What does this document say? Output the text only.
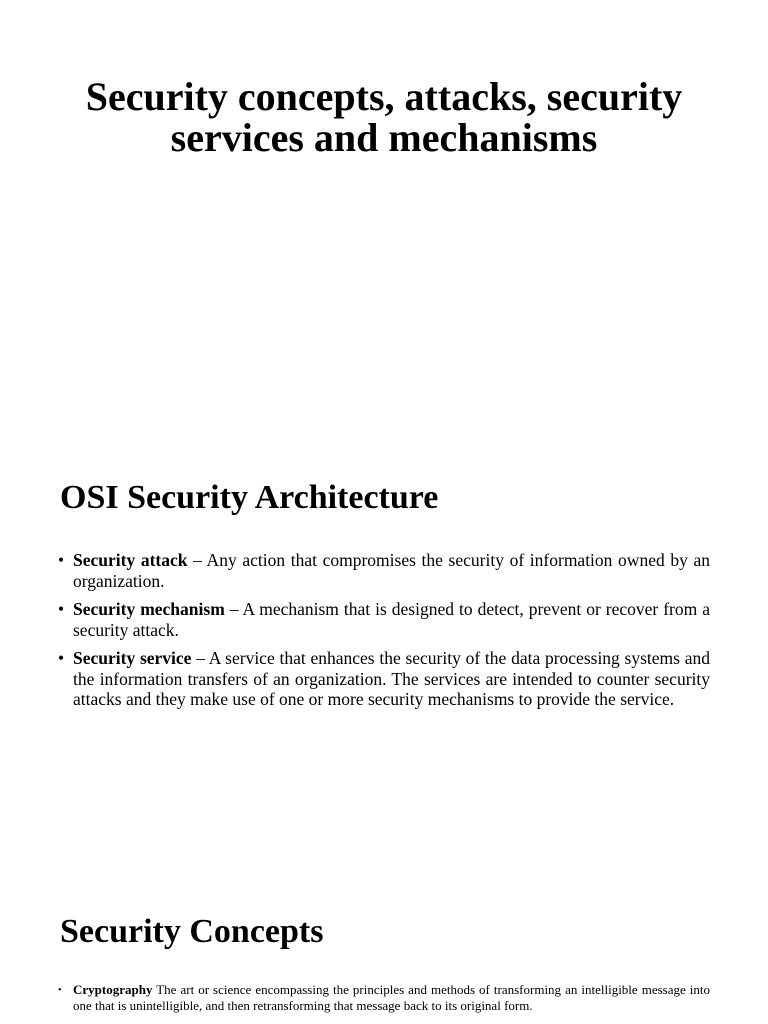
Security concepts, attacks, security services and mechanisms
OSI Security Architecture
• Security attack – Any action that compromises the security of information owned by an organization.
• Security mechanism – A mechanism that is designed to detect, prevent or recover from a security attack.
• Security service – A service that enhances the security of the data processing systems and the information transfers of an organization. The services are intended to counter security attacks and they make use of one or more security mechanisms to provide the service.
Security Concepts
• Cryptography The art or science encompassing the principles and methods of transforming an intelligible message into one that is unintelligible, and then retransforming that message back to its original form.
